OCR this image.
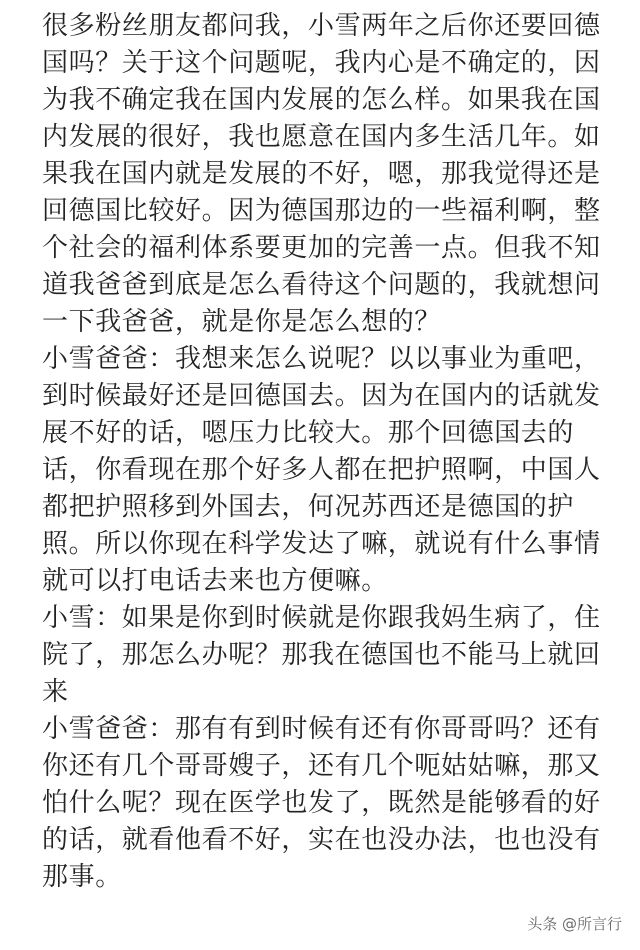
很多粉丝朋友都问我，小雪两年之后你还要回德国吗？关于这个问题呢，我内心是不确定的，因为我不确定我在国内发展的怎么样。如果我在国内发展的很好，我也愿意在国内多生活几年。如果我在国内就是发展的不好，嗯，那我觉得还是回德国比较好。因为德国那边的一些福利啊，整个社会的福利体系要更加的完善一点。但我不知道我爸爸到底是怎么看待这个问题的，我就想问一下我爸爸，就是你是怎么想的？

小雪爸爸：我想来怎么说呢？以以事业为重吧，到时候最好还是回德国去。因为在国内的话就发展不好的话，嗯压力比较大。那个回德国去的话，你看现在那个好多人都在把护照啊，中国人都把护照移到外国去，何况苏西还是德国的护照。所以你现在科学发达了嘛，就说有什么事情就可以打电话去来也方便嘛。

小雪：如果是你到时候就是你跟我妈生病了，住院了，那怎么办呢？那我在德国也不能马上就回来

小雪爸爸：那有有到时候有还有你哥哥吗？还有你还有几个哥哥嫂子，还有几个呃姑姑嘛，那又怕什么呢？现在医学也发了，既然是能够看的好的话，就看他看不好，实在也没办法，也也没有那事。

头条 @所言行
